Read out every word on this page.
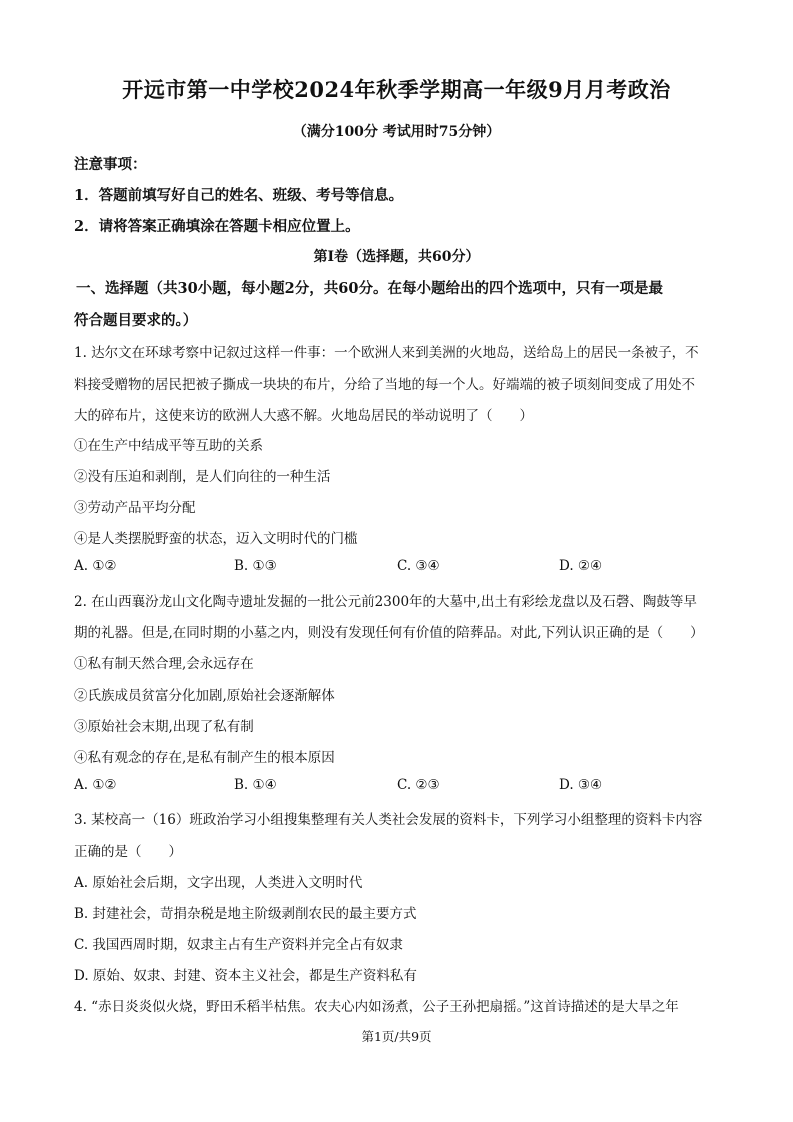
开远市第一中学校2024年秋季学期高一年级9月月考政治
（满分100分 考试用时75分钟）
注意事项：
1．答题前填写好自己的姓名、班级、考号等信息。
2．请将答案正确填涂在答题卡相应位置上。
第Ⅰ卷（选择题，共60分）
一、选择题（共30小题，每小题2分，共60分。在每小题给出的四个选项中，只有一项是最
符合题目要求的。）
1. 达尔文在环球考察中记叙过这样一件事：一个欧洲人来到美洲的火地岛，送给岛上的居民一条被子，不
料接受赠物的居民把被子撕成一块块的布片，分给了当地的每一个人。好端端的被子顷刻间变成了用处不
大的碎布片，这使来访的欧洲人大惑不解。火地岛居民的举动说明了（　　）
①在生产中结成平等互助的关系
②没有压迫和剥削，是人们向往的一种生活
③劳动产品平均分配
④是人类摆脱野蛮的状态，迈入文明时代的门槛
A. ①②	B. ①③	C. ③④	D. ②④
2. 在山西襄汾龙山文化陶寺遗址发掘的一批公元前2300年的大墓中,出土有彩绘龙盘以及石磬、陶鼓等早
期的礼器。但是,在同时期的小墓之内，则没有发现任何有价值的陪葬品。对此,下列认识正确的是（　　）
①私有制天然合理,会永远存在
②氏族成员贫富分化加剧,原始社会逐渐解体
③原始社会末期,出现了私有制
④私有观念的存在,是私有制产生的根本原因
A. ①②	B. ①④	C. ②③	D. ③④
3. 某校高一（16）班政治学习小组搜集整理有关人类社会发展的资料卡，下列学习小组整理的资料卡内容
正确的是（　　）
A. 原始社会后期，文字出现，人类进入文明时代
B. 封建社会，苛捐杂税是地主阶级剥削农民的最主要方式
C. 我国西周时期，奴隶主占有生产资料并完全占有奴隶
D. 原始、奴隶、封建、资本主义社会，都是生产资料私有
4. “赤日炎炎似火烧，野田禾稻半枯焦。农夫心内如汤煮，公子王孙把扇摇。”这首诗描述的是大旱之年
第1页/共9页
